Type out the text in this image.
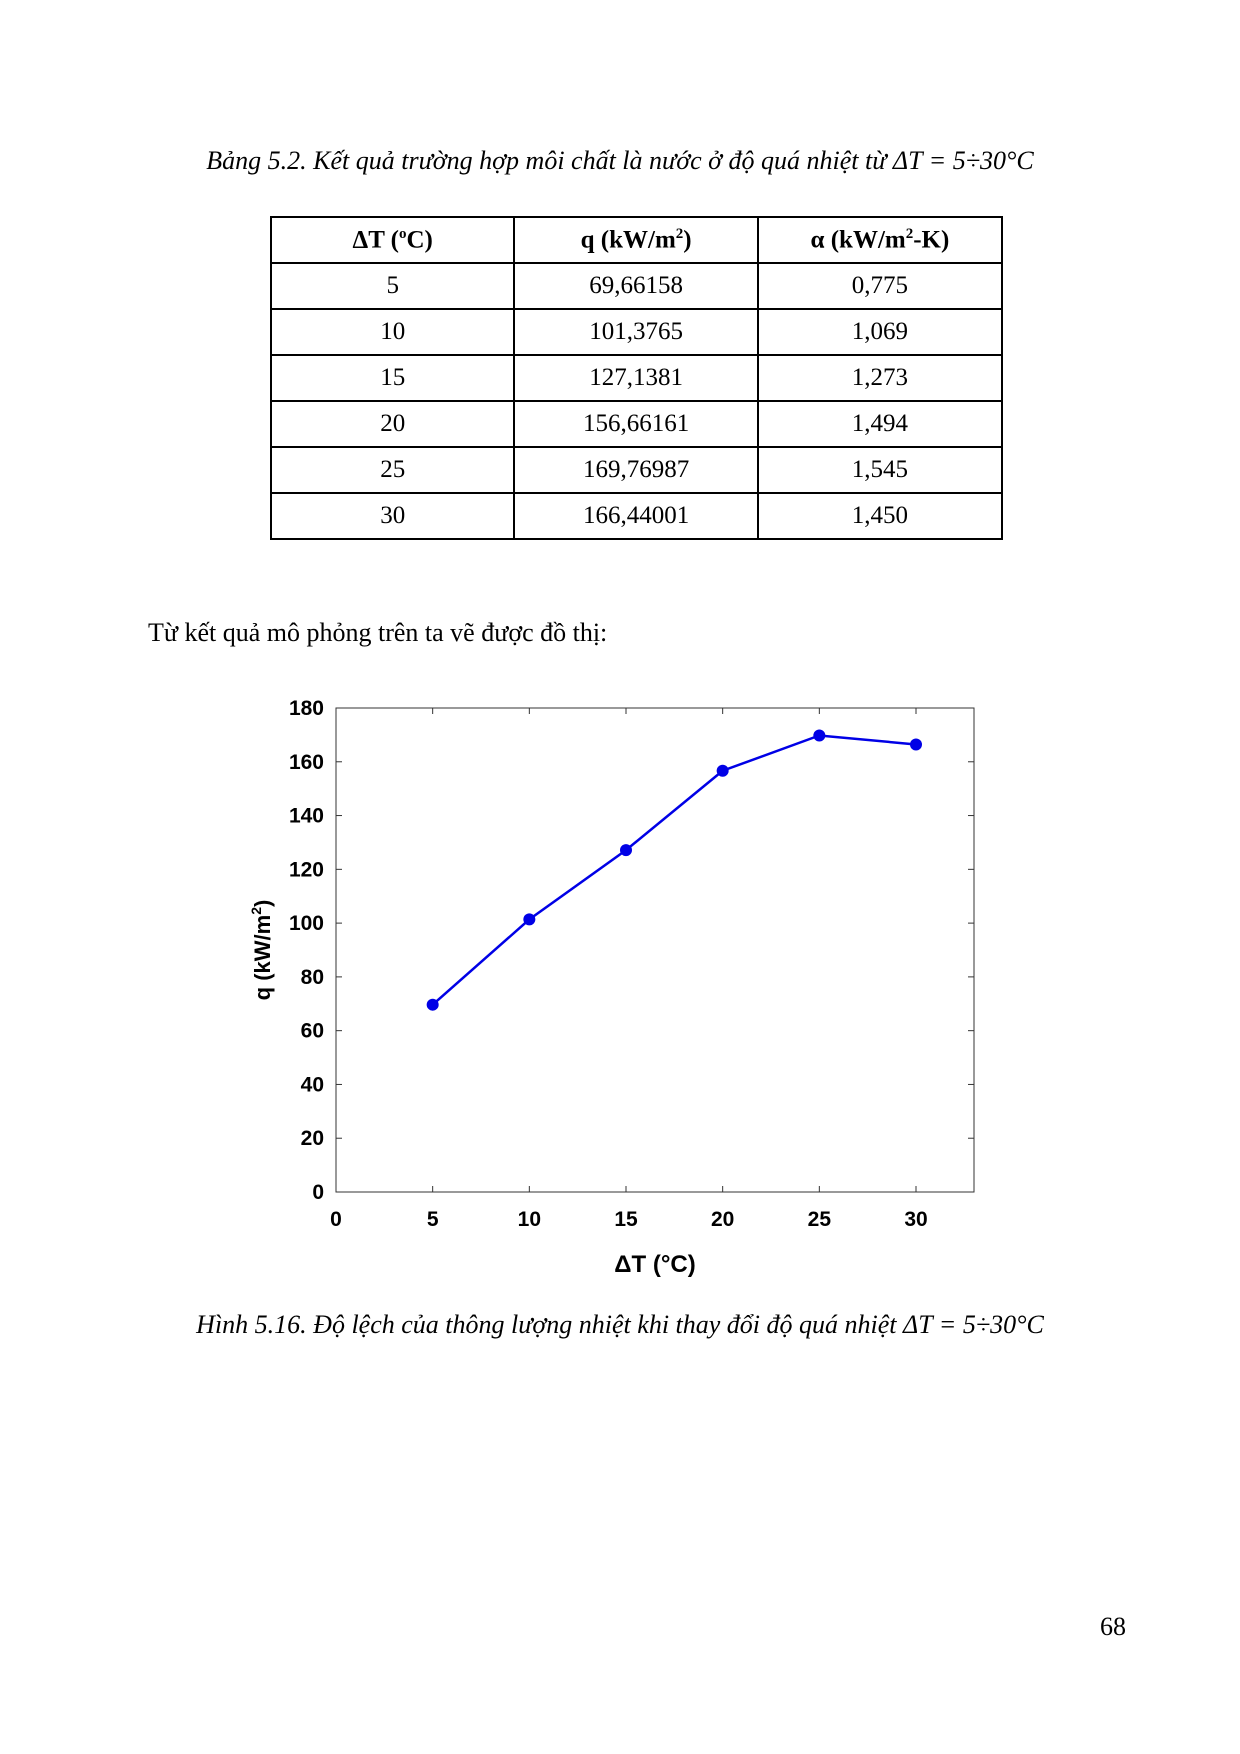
Bảng 5.2. Kết quả trường hợp môi chất là nước ở độ quá nhiệt từ ΔT = 5÷30°C
ΔT ($^o$C)	q $(kW/m^2)$	α $(kW/m^2-K)$
5	69,66158	0,775
10	101,3765	1,069
15	127,1381	1,273
20	156,66161	1,494
25	169,76987	1,545
30	166,44001	1,450
Từ kết quả mô phỏng trên ta vẽ được đồ thị:
0	5	10	15	20	25	30
0
20
40
60
80
100
120
140
160
180
ΔT (°C)
q $(kW/m^2)$
Hình 5.16. Độ lệch của thông lượng nhiệt khi thay đổi độ quá nhiệt ΔT = 5÷30°C
68
